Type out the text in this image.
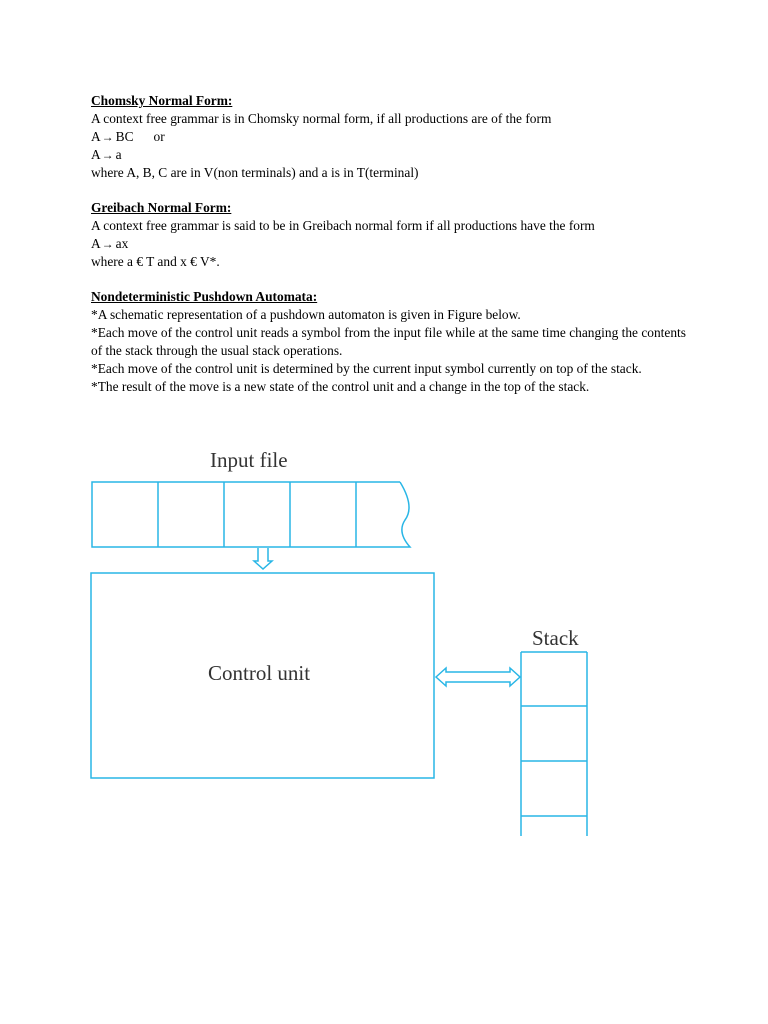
Chomsky Normal Form:

A context free grammar is in Chomsky normal form, if all productions are of the form

A→ BC or

A→ a

where A, B, C are in V(non terminals) and a is in T(terminal)

Greibach Normal Form:

A context free grammar is said to be in Greibach normal form if all productions have the form

A→ ax

where a € T and x € V*.

Nondeterministic Pushdown Automata:

*A schematic representation of a pushdown automaton is given in Figure below.

*Each move of the control unit reads a symbol from the input file while at the same time changing the contents of the stack through the usual stack operations.

*Each move of the control unit is determined by the current input symbol currently on top of the stack.

*The result of the move is a new state of the control unit and a change in the top of the stack.

Input file
Control unit
Stack
